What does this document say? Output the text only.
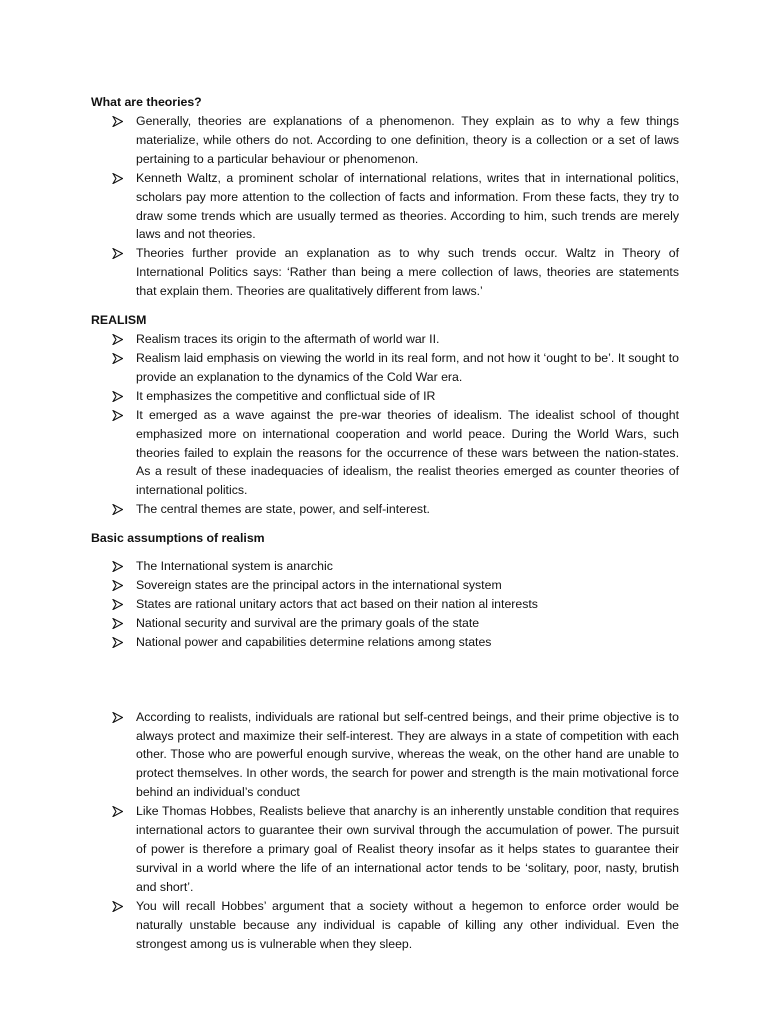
What are theories?

Generally, theories are explanations of a phenomenon. They explain as to why a few things materialize, while others do not. According to one definition, theory is a collection or a set of laws pertaining to a particular behaviour or phenomenon.
Kenneth Waltz, a prominent scholar of international relations, writes that in international politics, scholars pay more attention to the collection of facts and information. From these facts, they try to draw some trends which are usually termed as theories. According to him, such trends are merely laws and not theories.
Theories further provide an explanation as to why such trends occur. Waltz in Theory of International Politics says: ‘Rather than being a mere collection of laws, theories are statements that explain them. Theories are qualitatively different from laws.’

REALISM

Realism traces its origin to the aftermath of world war II.
Realism laid emphasis on viewing the world in its real form, and not how it ‘ought to be’. It sought to provide an explanation to the dynamics of the Cold War era.
It emphasizes the competitive and conflictual side of IR
It emerged as a wave against the pre-war theories of idealism. The idealist school of thought emphasized more on international cooperation and world peace. During the World Wars, such theories failed to explain the reasons for the occurrence of these wars between the nation-states. As a result of these inadequacies of idealism, the realist theories emerged as counter theories of international politics.
The central themes are state, power, and self-interest.

Basic assumptions of realism

The International system is anarchic
Sovereign states are the principal actors in the international system
States are rational unitary actors that act based on their nation al interests
National security and survival are the primary goals of the state
National power and capabilities determine relations among states
According to realists, individuals are rational but self-centred beings, and their prime objective is to always protect and maximize their self-interest. They are always in a state of competition with each other. Those who are powerful enough survive, whereas the weak, on the other hand are unable to protect themselves. In other words, the search for power and strength is the main motivational force behind an individual’s conduct
Like Thomas Hobbes, Realists believe that anarchy is an inherently unstable condition that requires international actors to guarantee their own survival through the accumulation of power. The pursuit of power is therefore a primary goal of Realist theory insofar as it helps states to guarantee their survival in a world where the life of an international actor tends to be ‘solitary, poor, nasty, brutish and short’.
You will recall Hobbes’ argument that a society without a hegemon to enforce order would be naturally unstable because any individual is capable of killing any other individual. Even the strongest among us is vulnerable when they sleep.
